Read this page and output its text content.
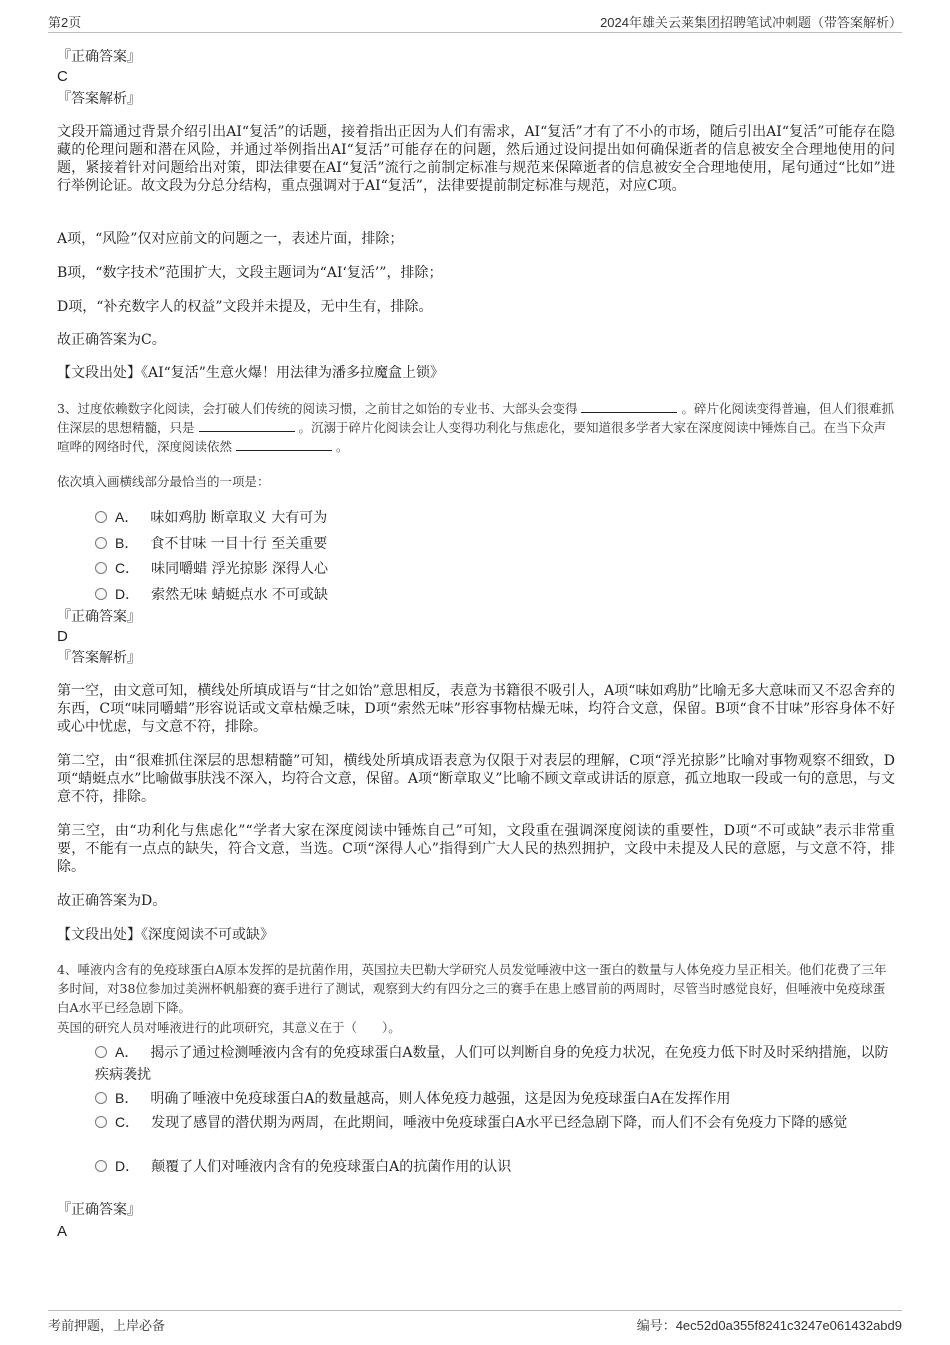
第2页	2024年雄关云莱集团招聘笔试冲刺题（带答案解析）
『正确答案』
C
『答案解析』
文段开篇通过背景介绍引出AI“复活”的话题，接着指出正因为人们有需求，AI“复活”才有了不小的市场，随后引出AI“复活”可能存在隐藏的伦理问题和潜在风险，并通过举例指出AI“复活”可能存在的问题，然后通过设问提出如何确保逝者的信息被安全合理地使用的问题，紧接着针对问题给出对策，即法律要在AI“复活”流行之前制定标准与规范来保障逝者的信息被安全合理地使用，尾句通过“比如”进行举例论证。故文段为分总分结构，重点强调对于AI“复活”，法律要提前制定标准与规范，对应C项。
A项，“风险”仅对应前文的问题之一，表述片面，排除；
B项，“数字技术”范围扩大，文段主题词为“AI‘复活’”，排除；
D项，“补充数字人的权益”文段并未提及，无中生有，排除。
故正确答案为C。
【文段出处】《AI“复活”生意火爆！用法律为潘多拉魔盒上锁》
3、过度依赖数字化阅读，会打破人们传统的阅读习惯，之前甘之如饴的专业书、大部头会变得	。碎片化阅读变得普遍，但人们很难抓住深层的思想精髓，只是	。沉溺于碎片化阅读会让人变得功利化与焦虑化，要知道很多学者大家在深度阅读中锤炼自己。在当下众声喧哗的网络时代，深度阅读依然	。
依次填入画横线部分最恰当的一项是：
A． 味如鸡肋 断章取义 大有可为
B． 食不甘味 一目十行 至关重要
C． 味同嚼蜡 浮光掠影 深得人心
D． 索然无味 蜻蜓点水 不可或缺
『正确答案』
D
『答案解析』
第一空，由文意可知，横线处所填成语与“甘之如饴”意思相反，表意为书籍很不吸引人，A项“味如鸡肋”比喻无多大意味而又不忍舍弃的东西，C项“味同嚼蜡”形容说话或文章枯燥乏味，D项“索然无味”形容事物枯燥无味，均符合文意，保留。B项“食不甘味”形容身体不好或心中忧虑，与文意不符，排除。
第二空，由“很难抓住深层的思想精髓”可知，横线处所填成语表意为仅限于对表层的理解，C项“浮光掠影”比喻对事物观察不细致，D项“蜻蜓点水”比喻做事肤浅不深入，均符合文意，保留。A项“断章取义”比喻不顾文章或讲话的原意，孤立地取一段或一句的意思，与文意不符，排除。
第三空，由“功利化与焦虑化”“学者大家在深度阅读中锤炼自己”可知，文段重在强调深度阅读的重要性，D项“不可或缺”表示非常重要，不能有一点点的缺失，符合文意，当选。C项“深得人心”指得到广大人民的热烈拥护，文段中未提及人民的意愿，与文意不符，排除。
故正确答案为D。
【文段出处】《深度阅读不可或缺》
4、唾液内含有的免疫球蛋白A原本发挥的是抗菌作用，英国拉夫巴勒大学研究人员发觉唾液中这一蛋白的数量与人体免疫力呈正相关。他们花费了三年多时间，对38位参加过美洲杯帆船赛的赛手进行了测试，观察到大约有四分之三的赛手在患上感冒前的两周时，尽管当时感觉良好，但唾液中免疫球蛋白A水平已经急剧下降。
英国的研究人员对唾液进行的此项研究，其意义在于（　　）。
A． 揭示了通过检测唾液内含有的免疫球蛋白A数量，人们可以判断自身的免疫力状况，在免疫力低下时及时采纳措施，以防疾病袭扰
B． 明确了唾液中免疫球蛋白A的数量越高，则人体免疫力越强，这是因为免疫球蛋白A在发挥作用
C． 发现了感冒的潜伏期为两周，在此期间，唾液中免疫球蛋白A水平已经急剧下降，而人们不会有免疫力下降的感觉
D． 颠覆了人们对唾液内含有的免疫球蛋白A的抗菌作用的认识
『正确答案』
A
考前押题，上岸必备	编号：4ec52d0a355f8241c3247e061432abd9
